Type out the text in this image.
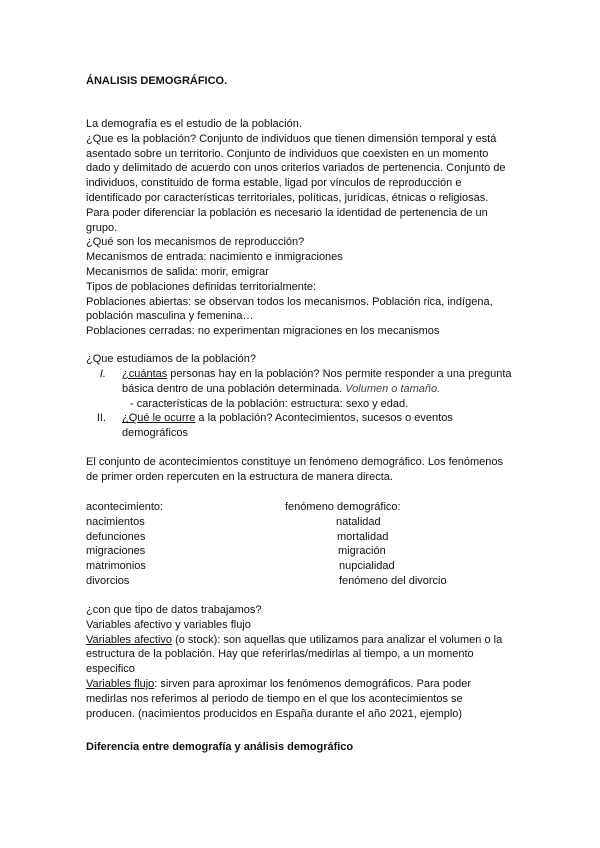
ÁNALISIS DEMOGRÁFICO.

La demografía es el estudio de la población.

¿Que es la población? Conjunto de individuos que tienen dimensión temporal y está

asentado sobre un territorio. Conjunto de individuos que coexisten en un momento

dado y delimitado de acuerdo con unos criterios variados de pertenencia. Conjunto de

individuos, constituido de forma estable, ligad por vínculos de reproducción e

identificado por características territoriales, políticas, jurídicas, étnicas o religiosas.

Para poder diferenciar la población es necesario la identidad de pertenencia de un

grupo.

¿Qué son los mecanismos de reproducción?

Mecanismos de entrada: nacimiento e inmigraciones

Mecanismos de salida: morir, emigrar

Tipos de poblaciones definidas territorialmente:

Poblaciones abiertas: se observan todos los mecanismos. Población rica, indígena,

población masculina y femenina…

Poblaciones cerradas: no experimentan migraciones en los mecanismos

¿Que estudiamos de la población?

I. ¿cuántas personas hay en la población? Nos permite responder a una pregunta
básica dentro de una población determinada. Volumen o tamaño.
- características de la población: estructura: sexo y edad.
II. ¿Qué le ocurre a la población? Acontecimientos, sucesos o eventos
demográficos

El conjunto de acontecimientos constituye un fenómeno demográfico. Los fenómenos

de primer orden repercuten en la estructura de manera directa.

acontecimiento:	fenómeno demográfico:
nacimientos	natalidad
defunciones	mortalidad
migraciones	migración
matrimonios	nupcialidad
divorcios	fenómeno del divorcio

¿con que tipo de datos trabajamos?

Variables afectivo y variables flujo

Variables afectivo (o stock): son aquellas que utilizamos para analizar el volumen o la

estructura de la población. Hay que referirlas/medirlas al tiempo, a un momento

especifico

Variables flujo: sirven para aproximar los fenómenos demográficos. Para poder

medirlas nos referimos al periodo de tiempo en el que los acontecimientos se

producen. (nacimientos producidos en España durante el año 2021, ejemplo)

Diferencia entre demografía y análisis demográfico
